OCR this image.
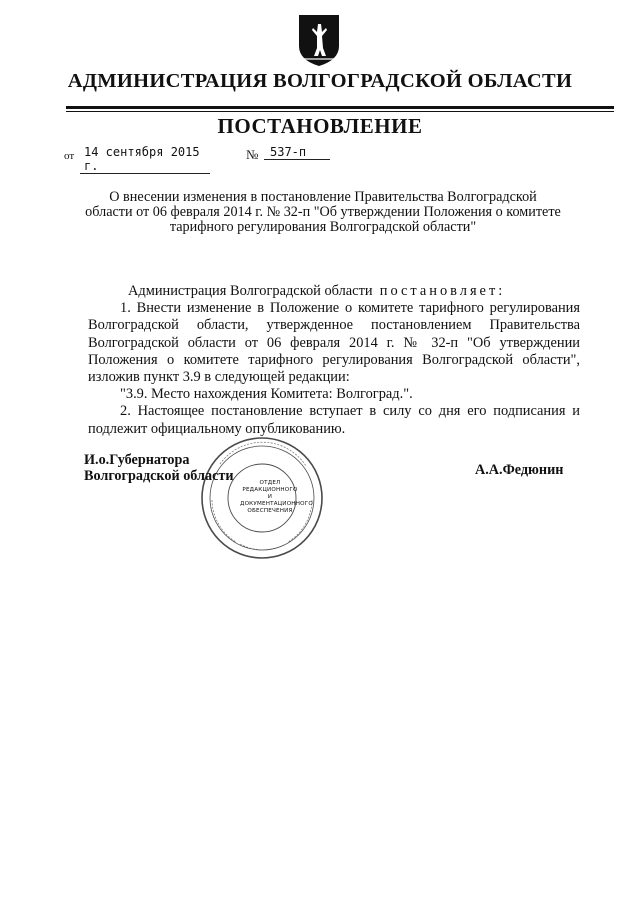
АДМИНИСТРАЦИЯ ВОЛГОГРАДСКОЙ ОБЛАСТИ
ПОСТАНОВЛЕНИЕ
от 14 сентября 2015 г.
№ 537-п
О внесении изменения в постановление Правительства Волгоградской области от 06 февраля 2014 г. № 32-п "Об утверждении Положения о комитете тарифного регулирования Волгоградской области"

Администрация Волгоградской области постановляет:

1. Внести изменение в Положение о комитете тарифного регулирования Волгоградской области, утвержденное постановлением Правительства Волгоградской области от 06 февраля 2014 г. № 32-п "Об утверждении Положения о комитете тарифного регулирования Волгоградской области", изложив пункт 3.9 в следующей редакции:

"3.9. Место нахождения Комитета: Волгоград.".

2. Настоящее постановление вступает в силу со дня его подписания и подлежит официальному опубликованию.

ОТДЕЛ
РЕДАКЦИОННОГО И
ДОКУМЕНТАЦИОННОГО
ОБЕСПЕЧЕНИЯ
И.о.Губернатора
Волгоградской области	А.А.Федюнин
